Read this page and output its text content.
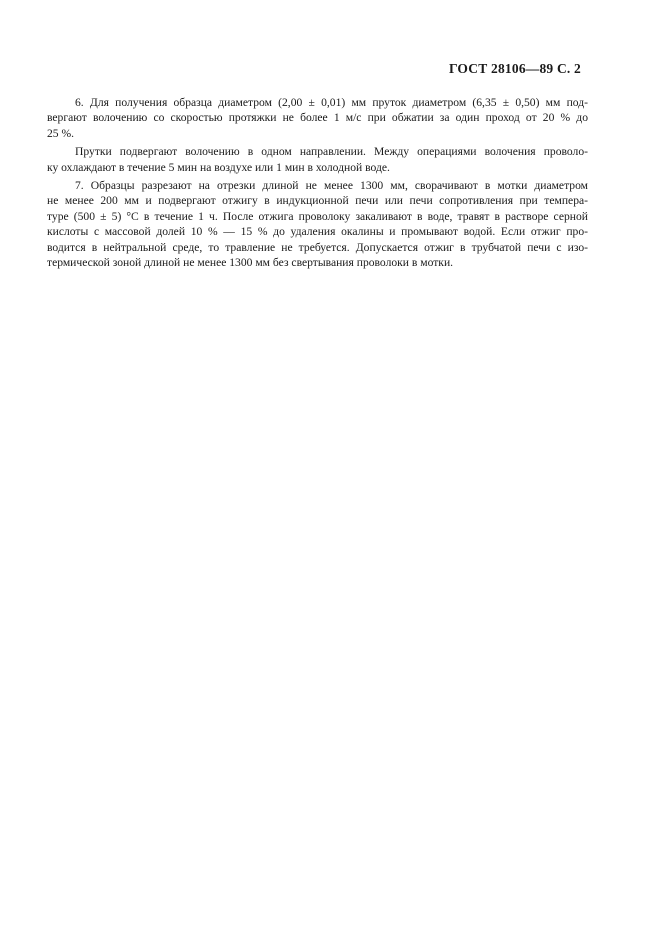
ГОСТ 28106—89 С. 2
6. Для получения образца диаметром (2,00 ± 0,01) мм пруток диаметром (6,35 ± 0,50) мм под-
вергают волочению со скоростью протяжки не более 1 м/с при обжатии за один проход от 20 % до
25 %.
Прутки подвергают волочению в одном направлении. Между операциями волочения проволо-
ку охлаждают в течение 5 мин на воздухе или 1 мин в холодной воде.
7. Образцы разрезают на отрезки длиной не менее 1300 мм, сворачивают в мотки диаметром
не менее 200 мм и подвергают отжигу в индукционной печи или печи сопротивления при темпера-
туре (500 ± 5) °С в течение 1 ч. После отжига проволоку закаливают в воде, травят в растворе серной
кислоты с массовой долей 10 % — 15 % до удаления окалины и промывают водой. Если отжиг про-
водится в нейтральной среде, то травление не требуется. Допускается отжиг в трубчатой печи с изо-
термической зоной длиной не менее 1300 мм без свертывания проволоки в мотки.
